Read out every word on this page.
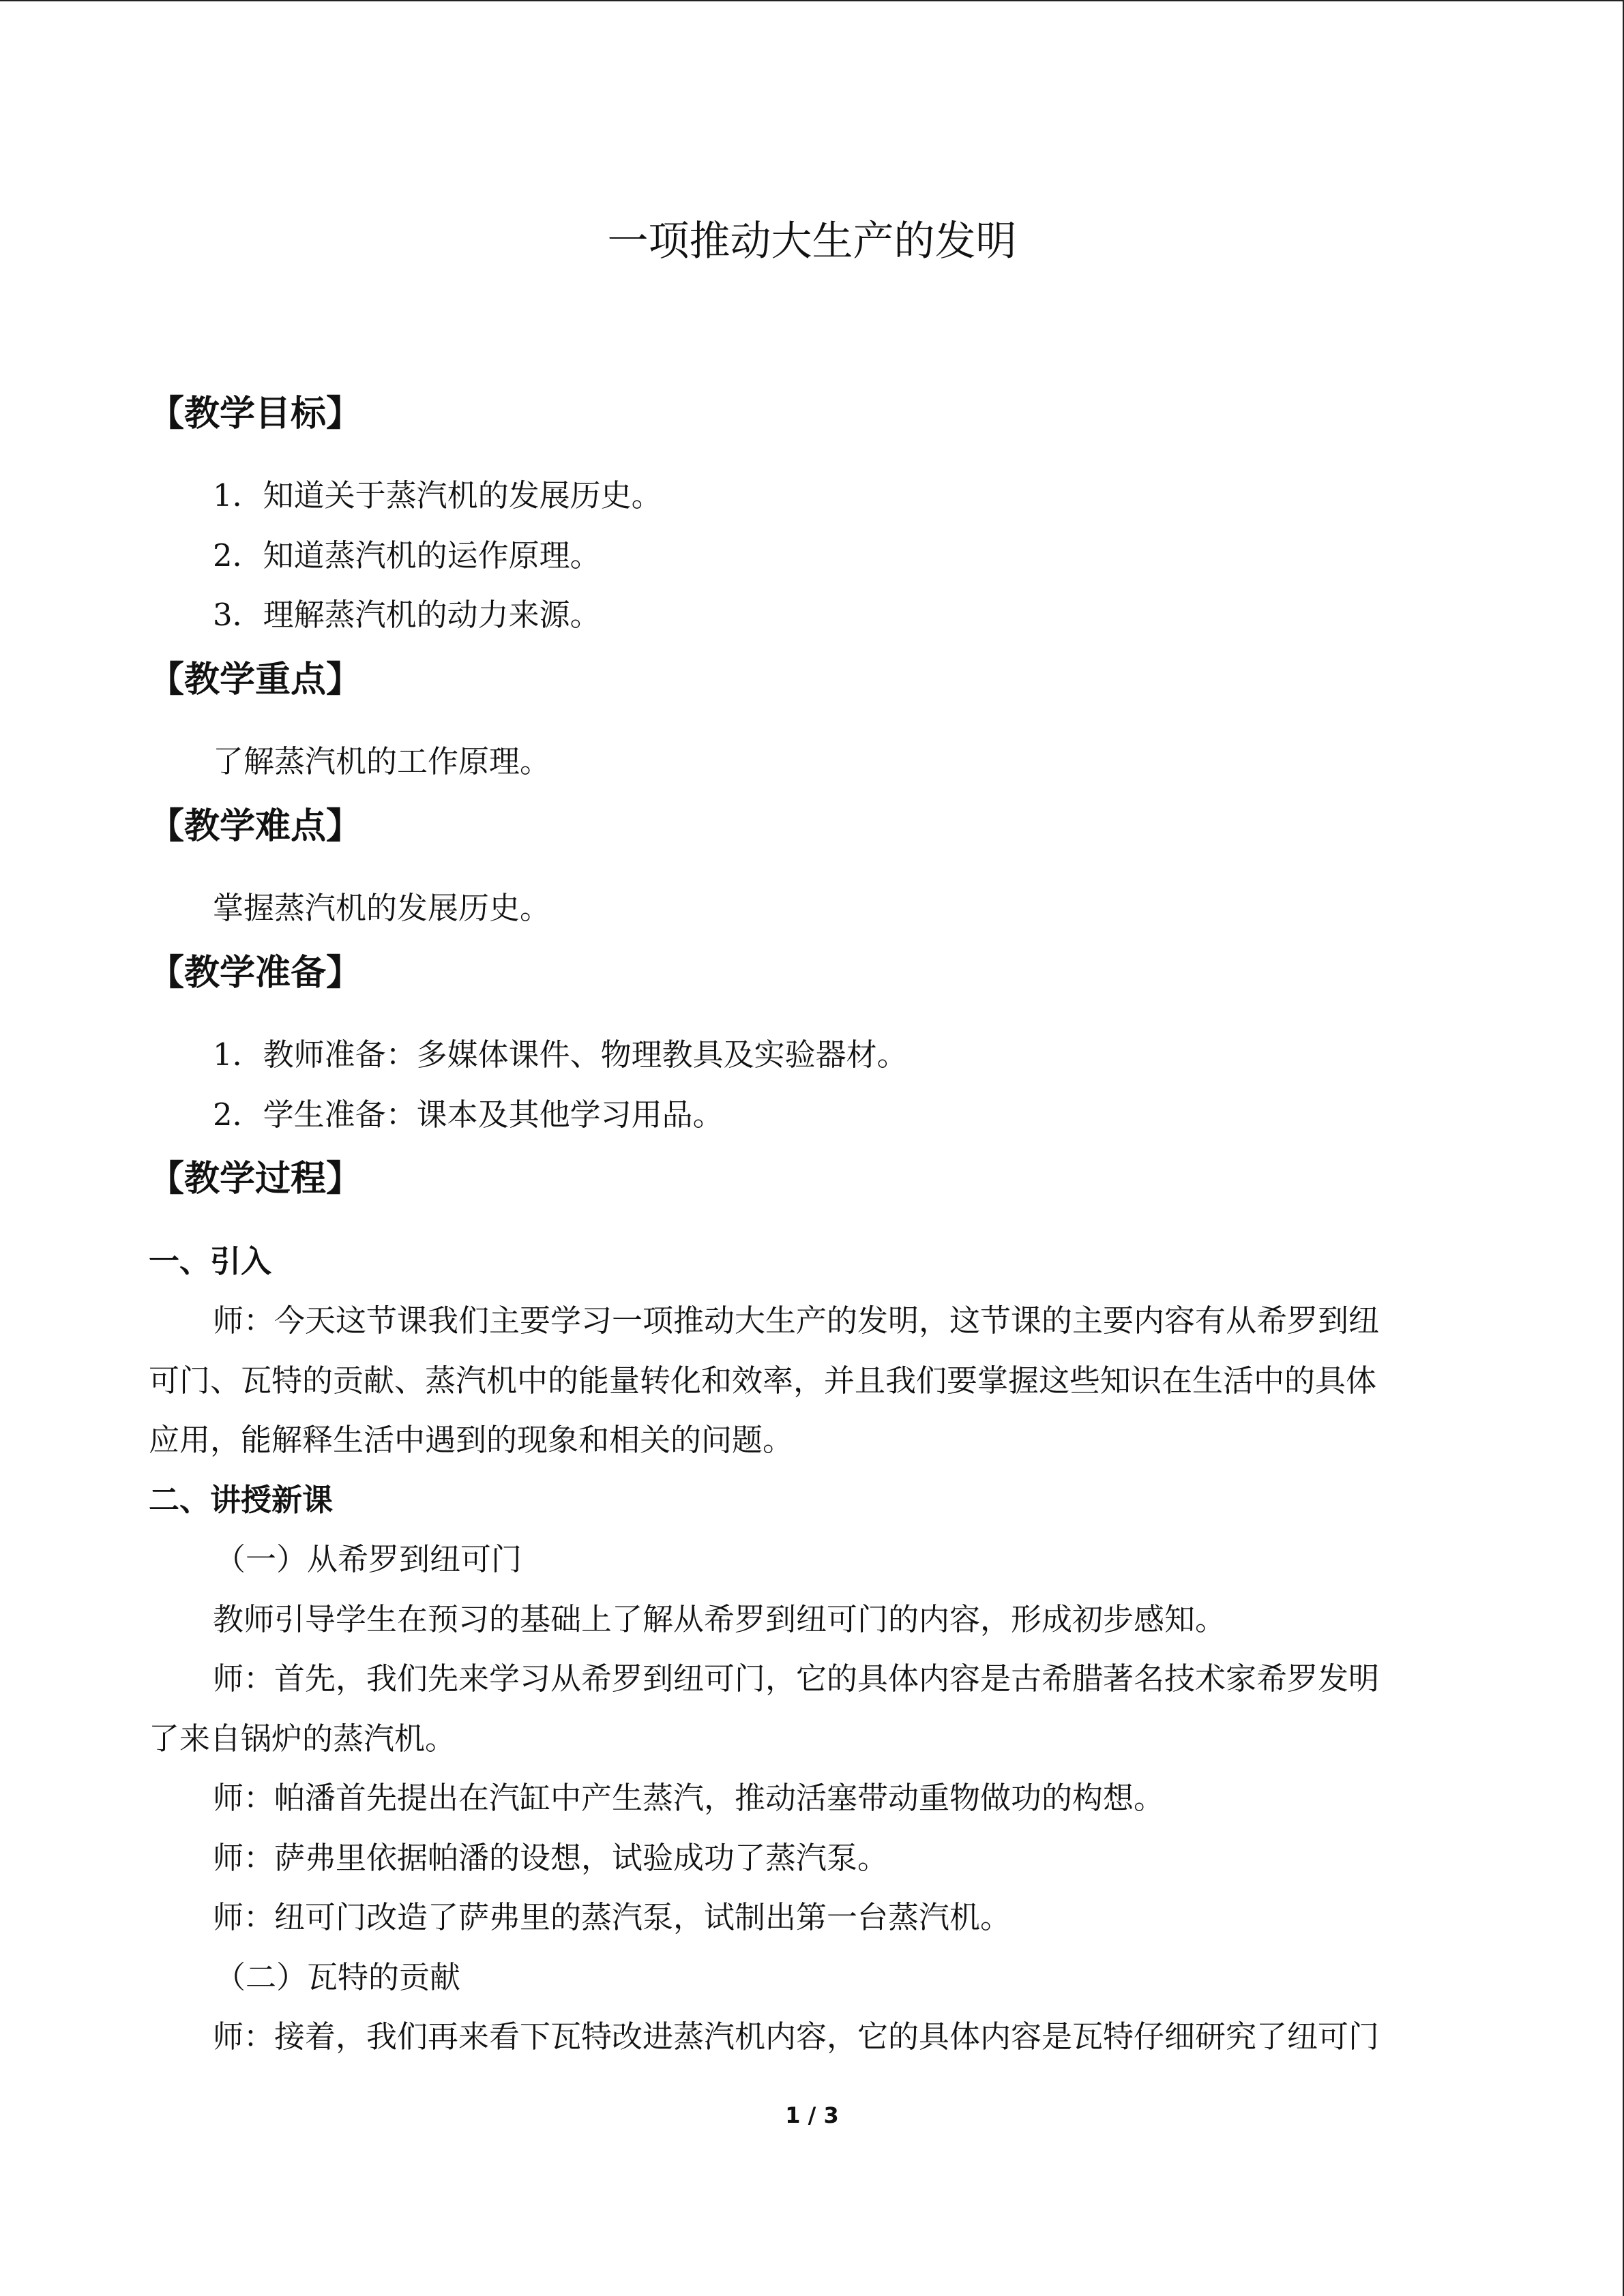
一项推动大生产的发明
【教学目标】
1．知道关于蒸汽机的发展历史。
2．知道蒸汽机的运作原理。
3．理解蒸汽机的动力来源。
【教学重点】
了解蒸汽机的工作原理。
【教学难点】
掌握蒸汽机的发展历史。
【教学准备】
1．教师准备：多媒体课件、物理教具及实验器材。
2．学生准备：课本及其他学习用品。
【教学过程】
一、引入
师：今天这节课我们主要学习一项推动大生产的发明，这节课的主要内容有从希罗到纽
可门、瓦特的贡献、蒸汽机中的能量转化和效率，并且我们要掌握这些知识在生活中的具体
应用，能解释生活中遇到的现象和相关的问题。
二、讲授新课
（一）从希罗到纽可门
教师引导学生在预习的基础上了解从希罗到纽可门的内容，形成初步感知。
师：首先，我们先来学习从希罗到纽可门，它的具体内容是古希腊著名技术家希罗发明
了来自锅炉的蒸汽机。
师：帕潘首先提出在汽缸中产生蒸汽，推动活塞带动重物做功的构想。
师：萨弗里依据帕潘的设想，试验成功了蒸汽泵。
师：纽可门改造了萨弗里的蒸汽泵，试制出第一台蒸汽机。
（二）瓦特的贡献
师：接着，我们再来看下瓦特改进蒸汽机内容，它的具体内容是瓦特仔细研究了纽可门
1 / 3
